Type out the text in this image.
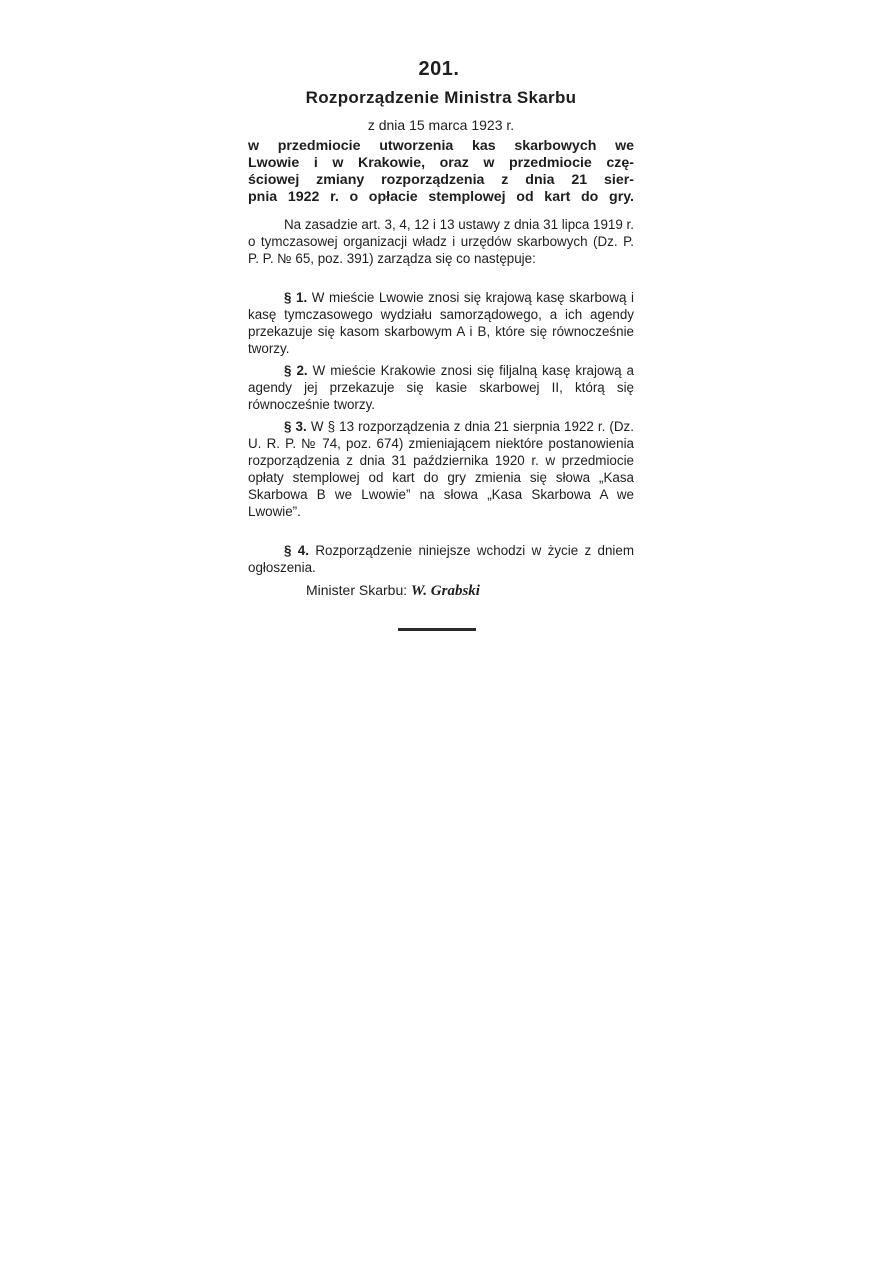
201.
Rozporządzenie Ministra Skarbu
z dnia 15 marca 1923 r.
w przedmiocie utworzenia kas skarbowych we
Lwowie i w Krakowie, oraz w przedmiocie czę-
ściowej zmiany rozporządzenia z dnia 21 sier-
pnia 1922 r. o opłacie stemplowej od kart do gry.
Na zasadzie art. 3, 4, 12 i 13 ustawy z dnia 31 lipca 1919 r. o tymczasowej organizacji władz i urzędów skarbowych (Dz. P. P. P. № 65, poz. 391) zarządza się co następuje:
§ 1. W mieście Lwowie znosi się krajową kasę skarbową i kasę tymczasowego wydziału samorządowego, a ich agendy przekazuje się kasom skarbowym A i B, które się równocześnie tworzy.
§ 2. W mieście Krakowie znosi się filjalną kasę krajową a agendy jej przekazuje się kasie skarbowej II, którą się równocześnie tworzy.
§ 3. W § 13 rozporządzenia z dnia 21 sierpnia 1922 r. (Dz. U. R. P. № 74, poz. 674) zmieniającem niektóre postanowienia rozporządzenia z dnia 31 października 1920 r. w przedmiocie opłaty stemplowej od kart do gry zmienia się słowa „Kasa Skarbowa B we Lwowie” na słowa „Kasa Skarbowa A we Lwowie”.
§ 4. Rozporządzenie niniejsze wchodzi w życie z dniem ogłoszenia.
Minister Skarbu: W. Grabski
